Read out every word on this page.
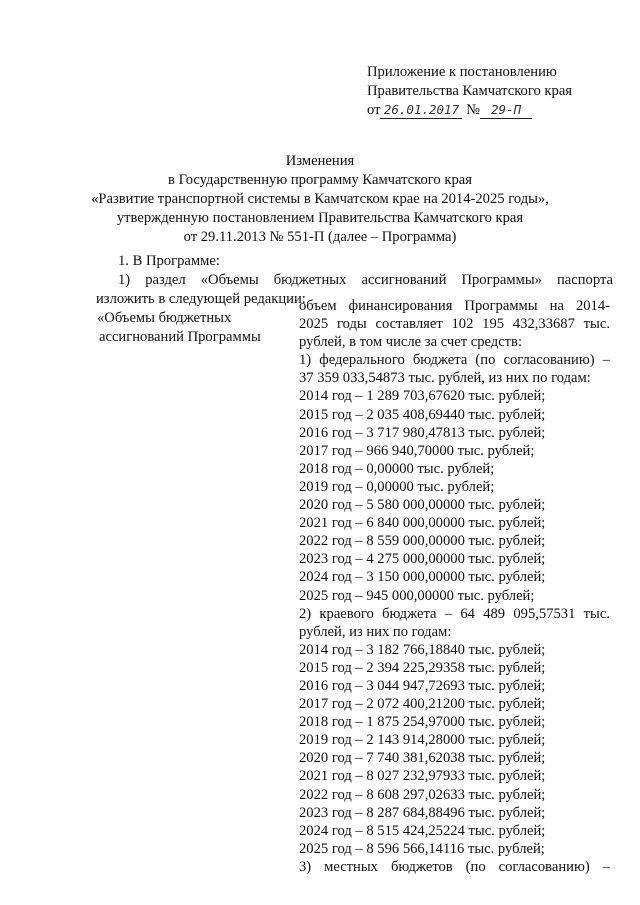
Приложение к постановлению
Правительства Камчатского края
от 26.01.2017 № 29-П
Изменения
в Государственную программу Камчатского края
«Развитие транспортной системы в Камчатском крае на 2014-2025 годы»,
утвержденную постановлением Правительства Камчатского края
от 29.11.2013 № 551-П (далее – Программа)
1. В Программе:
1) раздел «Объемы бюджетных ассигнований Программы» паспорта
изложить в следующей редакции:
«Объемы бюджетных
ассигнований Программы
объем финансирования Программы на 2014-
2025 годы составляет 102 195 432,33687 тыс.
рублей, в том числе за счет средств:
1) федерального бюджета (по согласованию) –
37 359 033,54873 тыс. рублей, из них по годам:
2014 год – 1 289 703,67620 тыс. рублей;
2015 год – 2 035 408,69440 тыс. рублей;
2016 год – 3 717 980,47813 тыс. рублей;
2017 год – 966 940,70000 тыс. рублей;
2018 год – 0,00000 тыс. рублей;
2019 год – 0,00000 тыс. рублей;
2020 год – 5 580 000,00000 тыс. рублей;
2021 год – 6 840 000,00000 тыс. рублей;
2022 год – 8 559 000,00000 тыс. рублей;
2023 год – 4 275 000,00000 тыс. рублей;
2024 год – 3 150 000,00000 тыс. рублей;
2025 год – 945 000,00000 тыс. рублей;
2) краевого бюджета – 64 489 095,57531 тыс.
рублей, из них по годам:
2014 год – 3 182 766,18840 тыс. рублей;
2015 год – 2 394 225,29358 тыс. рублей;
2016 год – 3 044 947,72693 тыс. рублей;
2017 год – 2 072 400,21200 тыс. рублей;
2018 год – 1 875 254,97000 тыс. рублей;
2019 год – 2 143 914,28000 тыс. рублей;
2020 год – 7 740 381,62038 тыс. рублей;
2021 год – 8 027 232,97933 тыс. рублей;
2022 год – 8 608 297,02633 тыс. рублей;
2023 год – 8 287 684,88496 тыс. рублей;
2024 год – 8 515 424,25224 тыс. рублей;
2025 год – 8 596 566,14116 тыс. рублей;
3) местных бюджетов (по согласованию) –
